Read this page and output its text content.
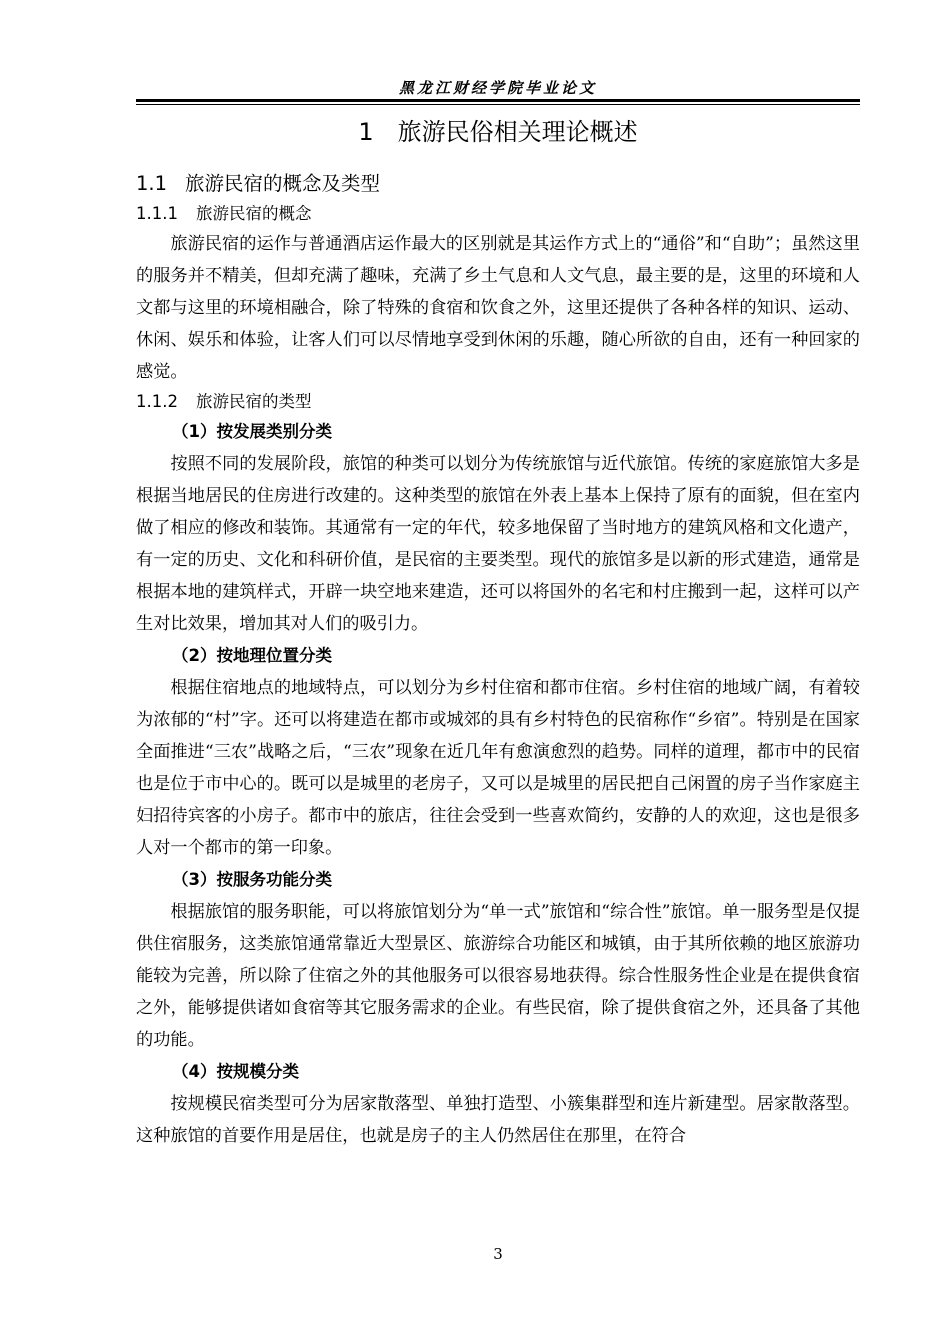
黑龙江财经学院毕业论文
1 旅游民俗相关理论概述
1.1 旅游民宿的概念及类型
1.1.1 旅游民宿的概念

旅游民宿的运作与普通酒店运作最大的区别就是其运作方式上的“通俗”和“自助”；虽然这里的服务并不精美，但却充满了趣味，充满了乡土气息和人文气息，最主要的是，这里的环境和人文都与这里的环境相融合，除了特殊的食宿和饮食之外，这里还提供了各种各样的知识、运动、休闲、娱乐和体验，让客人们可以尽情地享受到休闲的乐趣，随心所欲的自由，还有一种回家的感觉。

1.1.2 旅游民宿的类型
（1）按发展类别分类

按照不同的发展阶段，旅馆的种类可以划分为传统旅馆与近代旅馆。传统的家庭旅馆大多是根据当地居民的住房进行改建的。这种类型的旅馆在外表上基本上保持了原有的面貌，但在室内做了相应的修改和装饰。其通常有一定的年代，较多地保留了当时地方的建筑风格和文化遗产，有一定的历史、文化和科研价值，是民宿的主要类型。现代的旅馆多是以新的形式建造，通常是根据本地的建筑样式，开辟一块空地来建造，还可以将国外的名宅和村庄搬到一起，这样可以产生对比效果，增加其对人们的吸引力。

（2）按地理位置分类

根据住宿地点的地域特点，可以划分为乡村住宿和都市住宿。乡村住宿的地域广阔，有着较为浓郁的“村”字。还可以将建造在都市或城郊的具有乡村特色的民宿称作“乡宿”。特别是在国家全面推进“三农”战略之后，“三农”现象在近几年有愈演愈烈的趋势。同样的道理，都市中的民宿也是位于市中心的。既可以是城里的老房子，又可以是城里的居民把自己闲置的房子当作家庭主妇招待宾客的小房子。都市中的旅店，往往会受到一些喜欢简约，安静的人的欢迎，这也是很多人对一个都市的第一印象。

（3）按服务功能分类

根据旅馆的服务职能，可以将旅馆划分为“单一式”旅馆和“综合性”旅馆。单一服务型是仅提供住宿服务，这类旅馆通常靠近大型景区、旅游综合功能区和城镇，由于其所依赖的地区旅游功能较为完善，所以除了住宿之外的其他服务可以很容易地获得。综合性服务性企业是在提供食宿之外，能够提供诸如食宿等其它服务需求的企业。有些民宿，除了提供食宿之外，还具备了其他的功能。

（4）按规模分类

按规模民宿类型可分为居家散落型、单独打造型、小簇集群型和连片新建型。居家散落型。这种旅馆的首要作用是居住，也就是房子的主人仍然居住在那里，在符合

3
